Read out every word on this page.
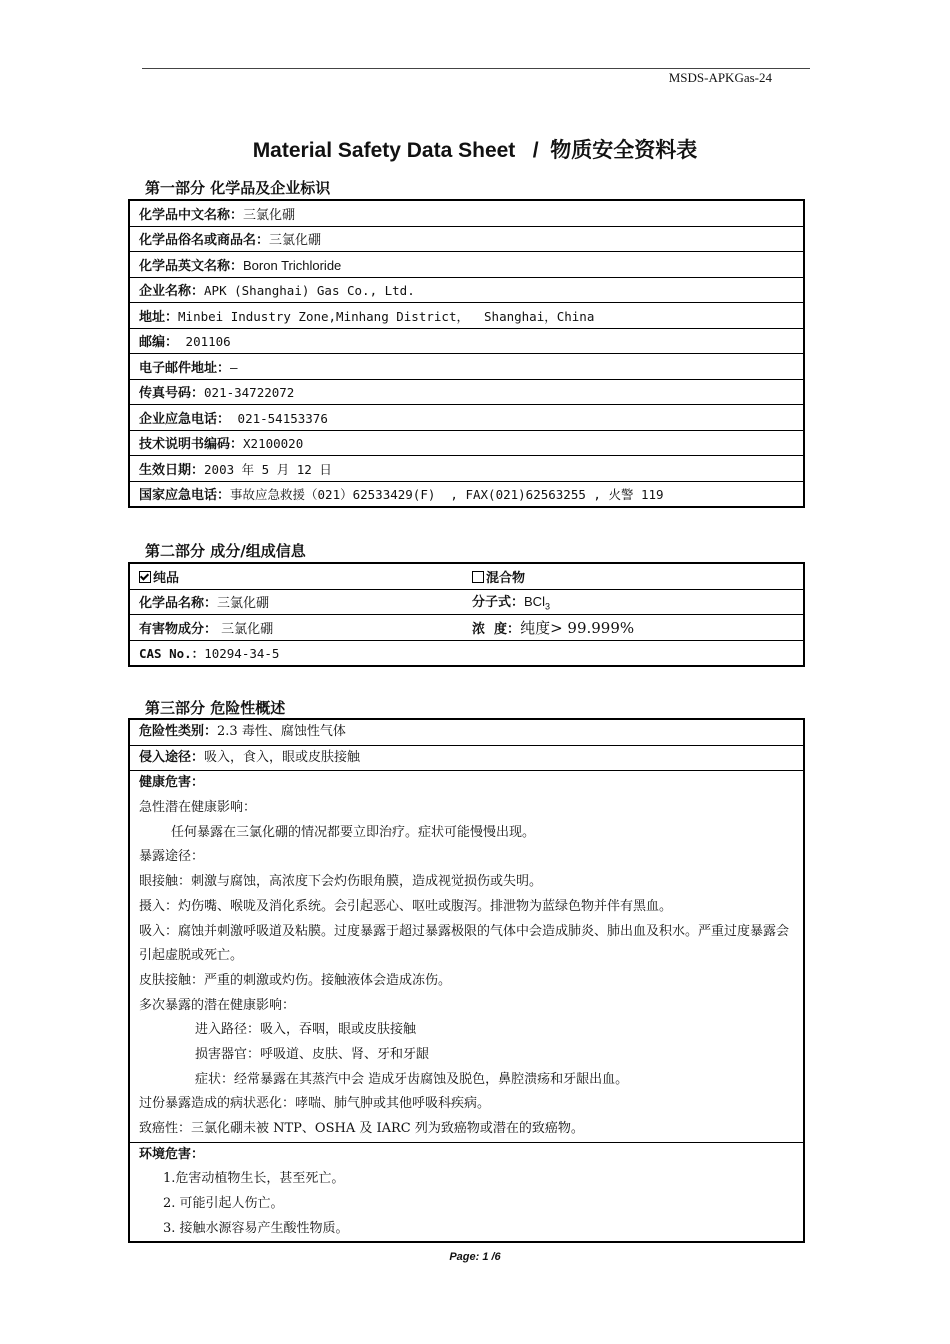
MSDS-APKGas-24
Material Safety Data Sheet   /  物质安全资料表
第一部分 化学品及企业标识
化学品中文名称：三氯化硼
化学品俗名或商品名：三氯化硼
化学品英文名称：Boron Trichloride
企业名称：APK (Shanghai) Gas Co., Ltd.
地址：Minbei Industry Zone,Minhang District，  Shanghai，China
邮编： 201106
电子邮件地址：—
传真号码：021-34722072
企业应急电话： 021-54153376
技术说明书编码：X2100020
生效日期：2003 年 5 月 12 日
国家应急电话：事故应急救援（021）62533429(F)  , FAX(021)62563255 , 火警 119
第二部分 成分/组成信息
纯品	混合物
化学品名称：三氯化硼	分子式：BCl$_3$
有害物成分： 三氯化硼	浓  度：纯度> 99.999%
CAS No.：10294-34-5	
第三部分 危险性概述
危险性类别：2.3 毒性、腐蚀性气体
侵入途径：吸入，食入，眼或皮肤接触
健康危害：
急性潜在健康影响：
任何暴露在三氯化硼的情况都要立即治疗。症状可能慢慢出现。
暴露途径：
眼接触：刺激与腐蚀，高浓度下会灼伤眼角膜，造成视觉损伤或失明。
摄入：灼伤嘴、喉咙及消化系统。会引起恶心、呕吐或腹泻。排泄物为蓝绿色物并伴有黑血。
吸入：腐蚀并刺激呼吸道及粘膜。过度暴露于超过暴露极限的气体中会造成肺炎、肺出血及积水。严重过度暴露会引起虚脱或死亡。
皮肤接触：严重的刺激或灼伤。接触液体会造成冻伤。
多次暴露的潜在健康影响：
进入路径：吸入，吞咽，眼或皮肤接触
损害器官：呼吸道、皮肤、肾、牙和牙龈
症状：经常暴露在其蒸汽中会 造成牙齿腐蚀及脱色，鼻腔溃疡和牙龈出血。
过份暴露造成的病状恶化：哮喘、肺气肿或其他呼吸科疾病。
致癌性：三氯化硼未被 NTP、OSHA 及 IARC 列为致癌物或潜在的致癌物。
环境危害：
1.危害动植物生长，甚至死亡。
2. 可能引起人伤亡。
3. 接触水源容易产生酸性物质。
Page: 1 /6
